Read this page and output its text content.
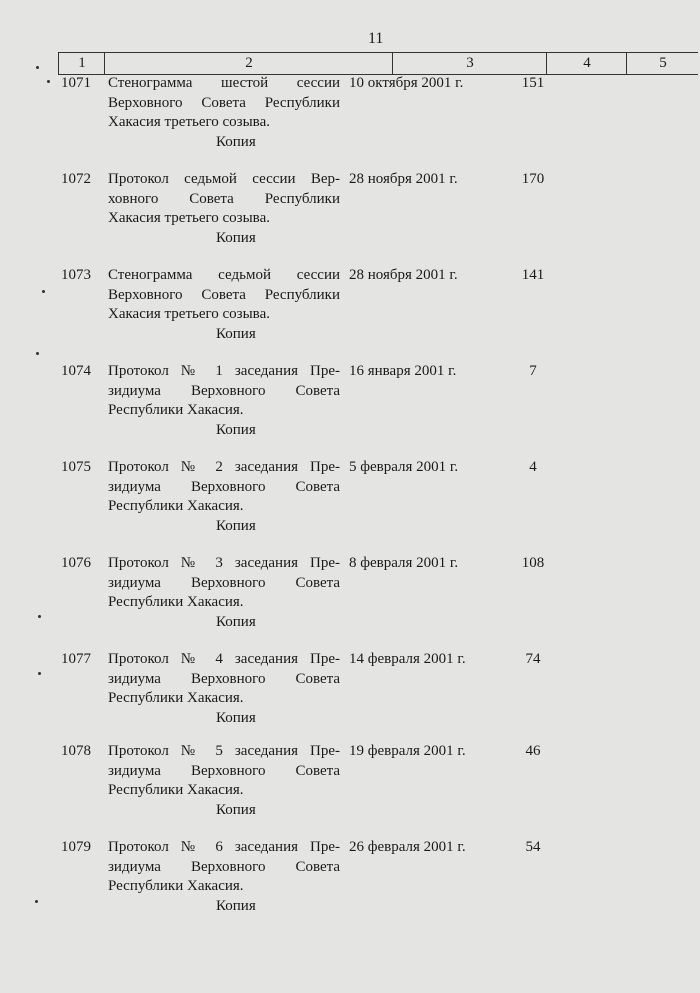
11
1	2	3	4	5
1071	Стенограмма шестой сессии
Верховного Совета Республики
Хакасия третьего созыва.
Копия
10 октября 2001 г.	151
1072	Протокол седьмой сессии Вер-
ховного Совета Республики
Хакасия третьего созыва.
Копия
28 ноября 2001 г.	170
1073	Стенограмма седьмой сессии
Верховного Совета Республики
Хакасия третьего созыва.
Копия
28 ноября 2001 г.	141
1074	Протокол № 1 заседания Пре-
зидиума Верховного Совета
Республики Хакасия.
Копия
16 января 2001 г.	7
1075	Протокол № 2 заседания Пре-
зидиума Верховного Совета
Республики Хакасия.
Копия
5 февраля 2001 г.	4
1076	Протокол № 3 заседания Пре-
зидиума Верховного Совета
Республики Хакасия.
Копия
8 февраля 2001 г.	108
1077	Протокол № 4 заседания Пре-
зидиума Верховного Совета
Республики Хакасия.
Копия
14 февраля 2001 г.	74
1078	Протокол № 5 заседания Пре-
зидиума Верховного Совета
Республики Хакасия.
Копия
19 февраля 2001 г.	46
1079	Протокол № 6 заседания Пре-
зидиума Верховного Совета
Республики Хакасия.
Копия
26 февраля 2001 г.	54
